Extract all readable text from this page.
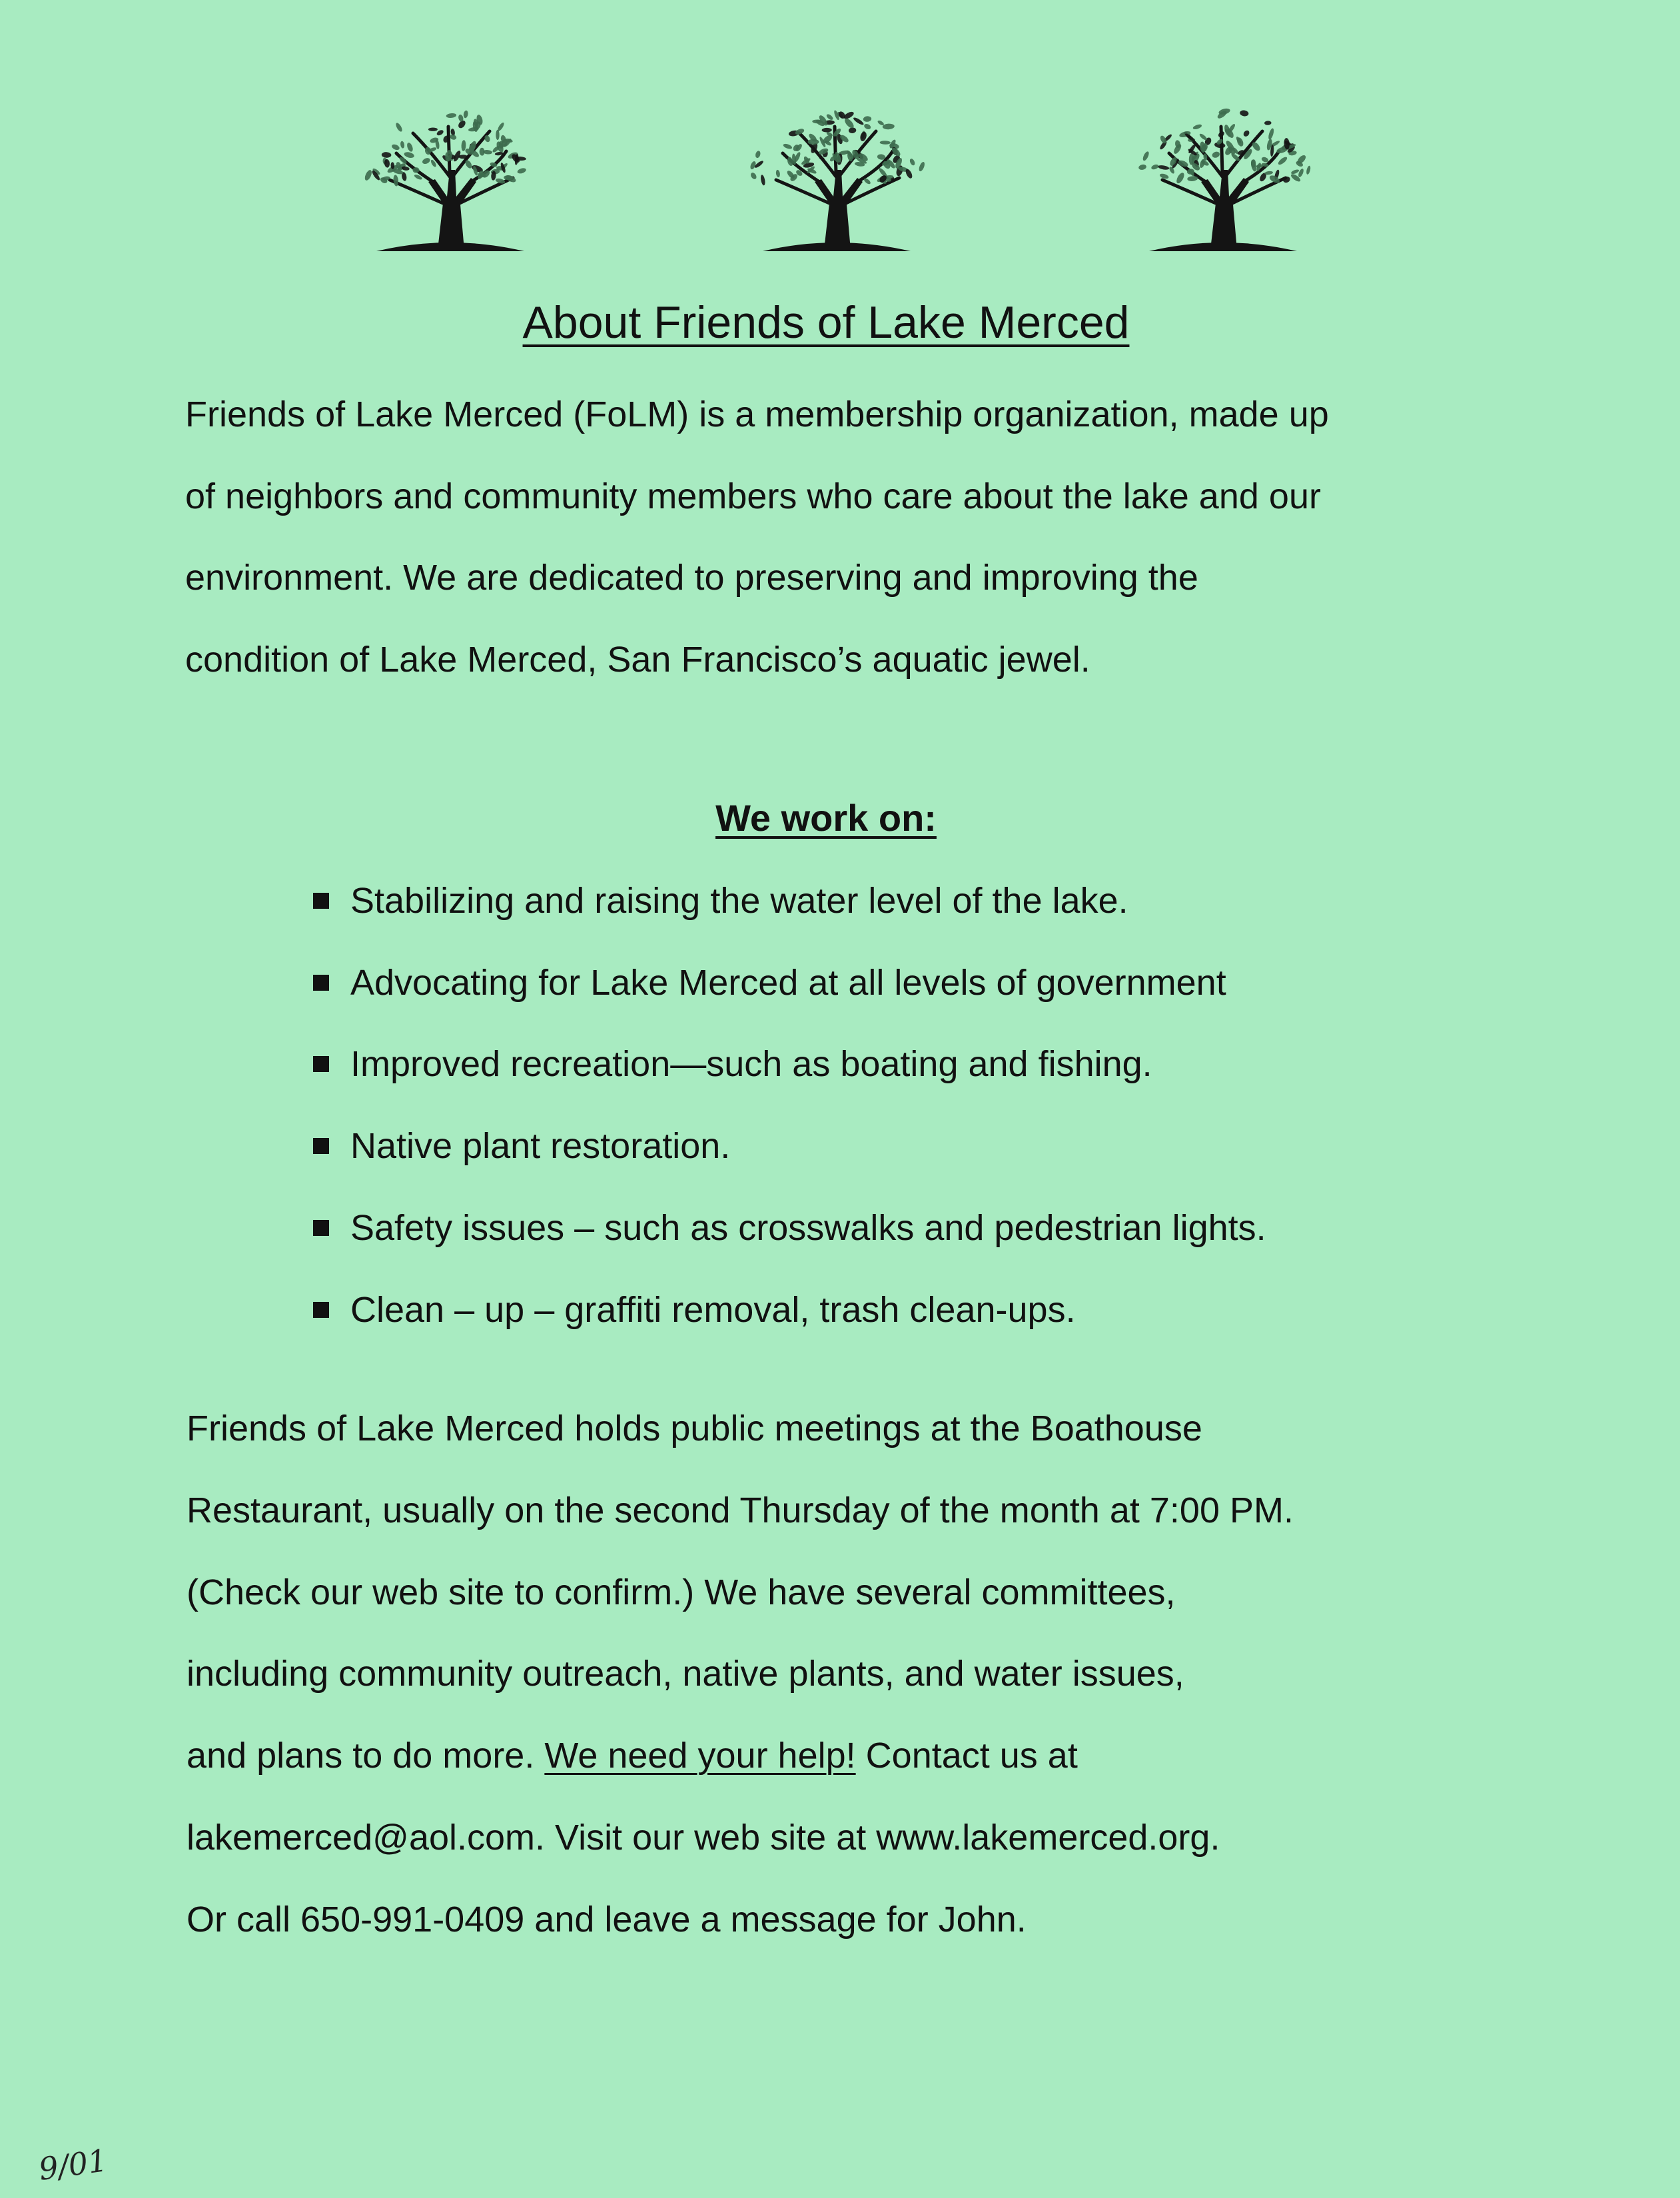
About Friends of Lake Merced
Friends of Lake Merced (FoLM) is a membership organization, made up
of neighbors and community members who care about the lake and our
environment. We are dedicated to preserving and improving the
condition of Lake Merced, San Francisco’s aquatic jewel.
We work on:
Stabilizing and raising the water level of the lake.
Advocating for Lake Merced at all levels of government
Improved recreation—such as boating and fishing.
Native plant restoration.
Safety issues – such as crosswalks and pedestrian lights.
Clean – up – graffiti removal, trash clean-ups.
Friends of Lake Merced holds public meetings at the Boathouse
Restaurant, usually on the second Thursday of the month at 7:00 PM.
(Check our web site to confirm.) We have several committees,
including community outreach, native plants, and water issues,
and plans to do more. We need your help! Contact us at
lakemerced@aol.com. Visit our web site at www.lakemerced.org.
Or call 650-991-0409 and leave a message for John.
9/01
